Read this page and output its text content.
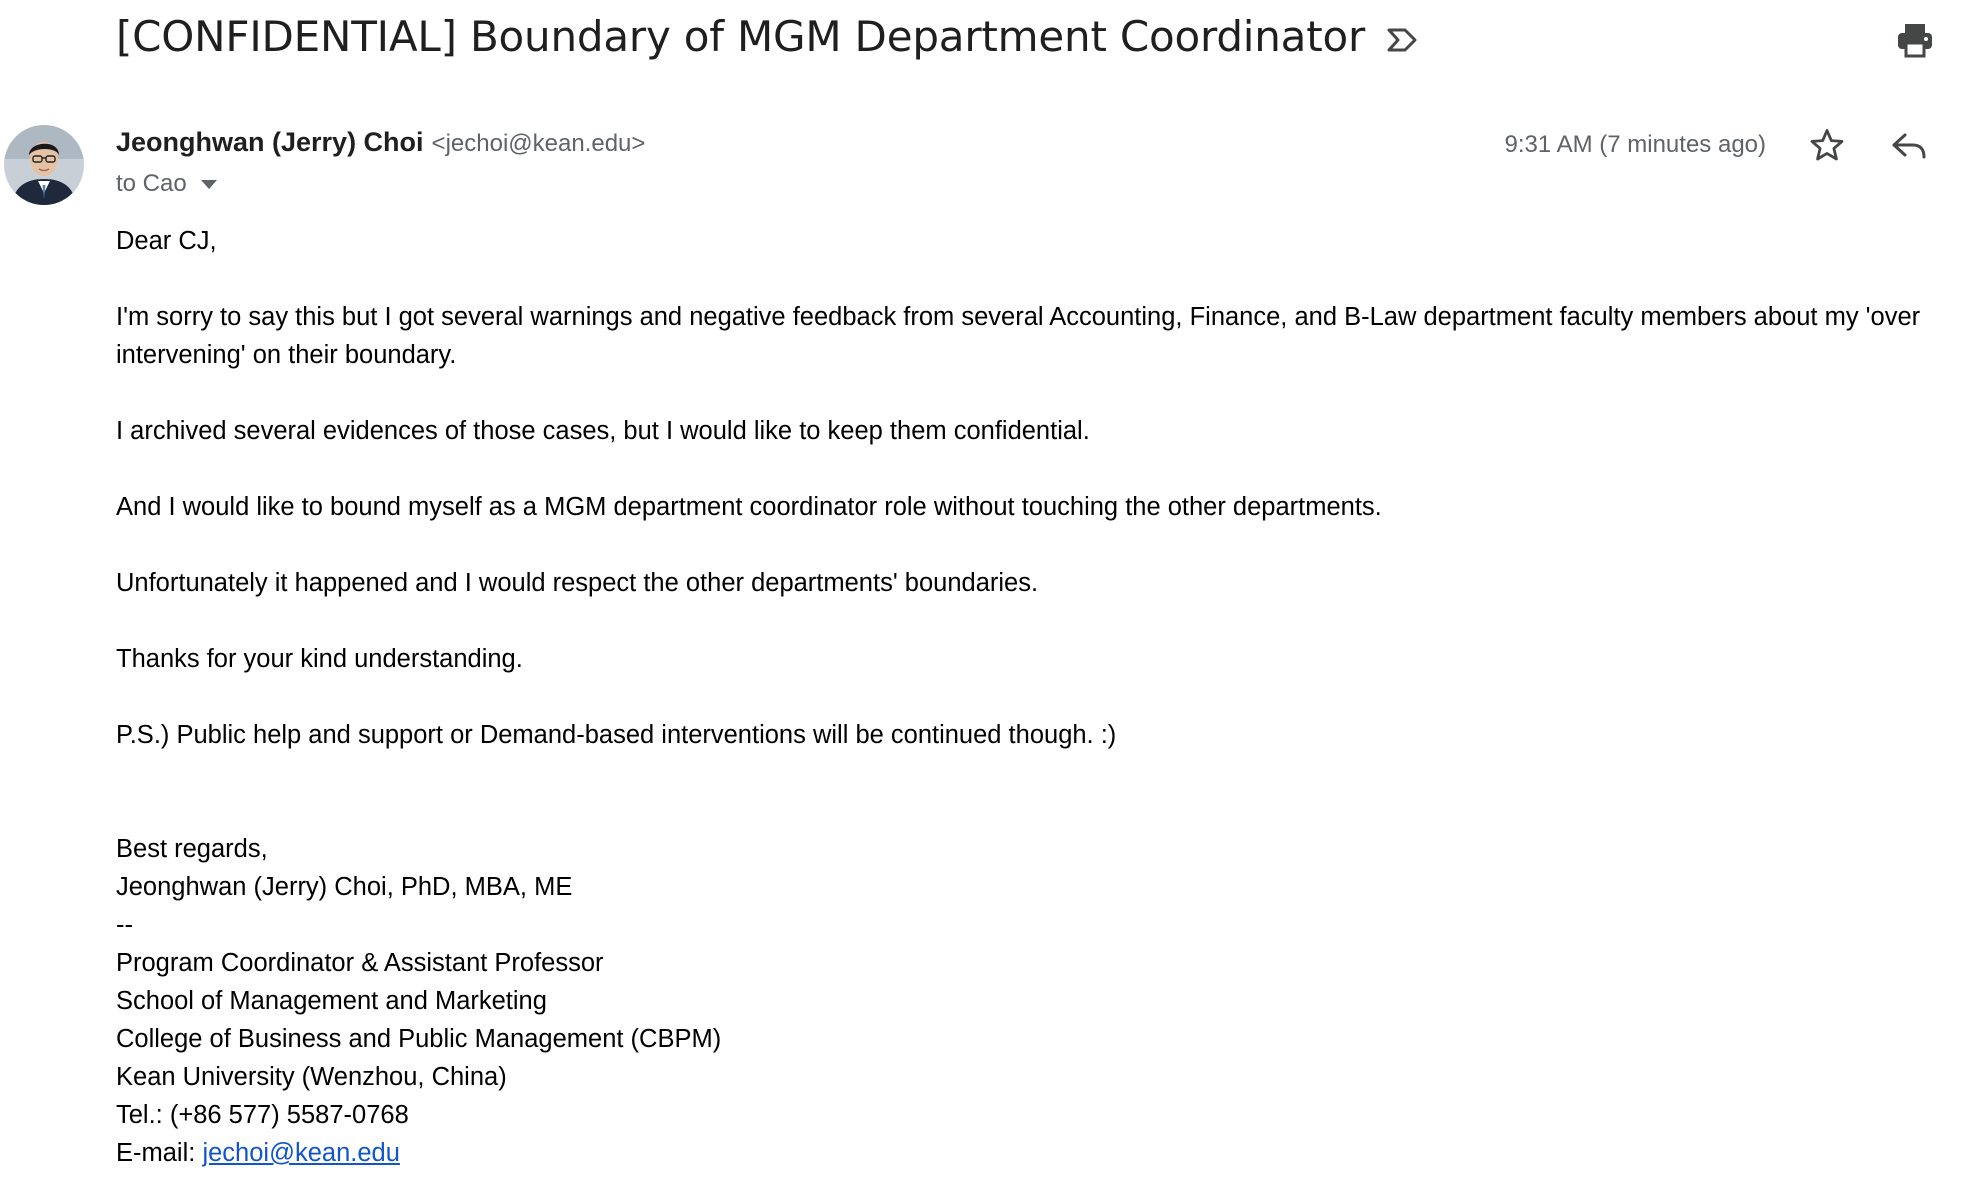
[CONFIDENTIAL] Boundary of MGM Department Coordinator
Jeonghwan (Jerry) Choi <jechoi@kean.edu>
to Cao
9:31 AM (7 minutes ago)

Dear CJ,

I'm sorry to say this but I got several warnings and negative feedback from several Accounting, Finance, and B-Law department faculty members about my 'over intervening' on their boundary.

I archived several evidences of those cases, but I would like to keep them confidential.

And I would like to bound myself as a MGM department coordinator role without touching the other departments.

Unfortunately it happened and I would respect the other departments' boundaries.

Thanks for your kind understanding.

P.S.) Public help and support or Demand-based interventions will be continued though. :)

Best regards,

Jeonghwan (Jerry) Choi, PhD, MBA, ME

--

Program Coordinator & Assistant Professor

School of Management and Marketing

College of Business and Public Management (CBPM)

Kean University (Wenzhou, China)

Tel.: (+86 577) 5587-0768

E-mail: jechoi@kean.edu
